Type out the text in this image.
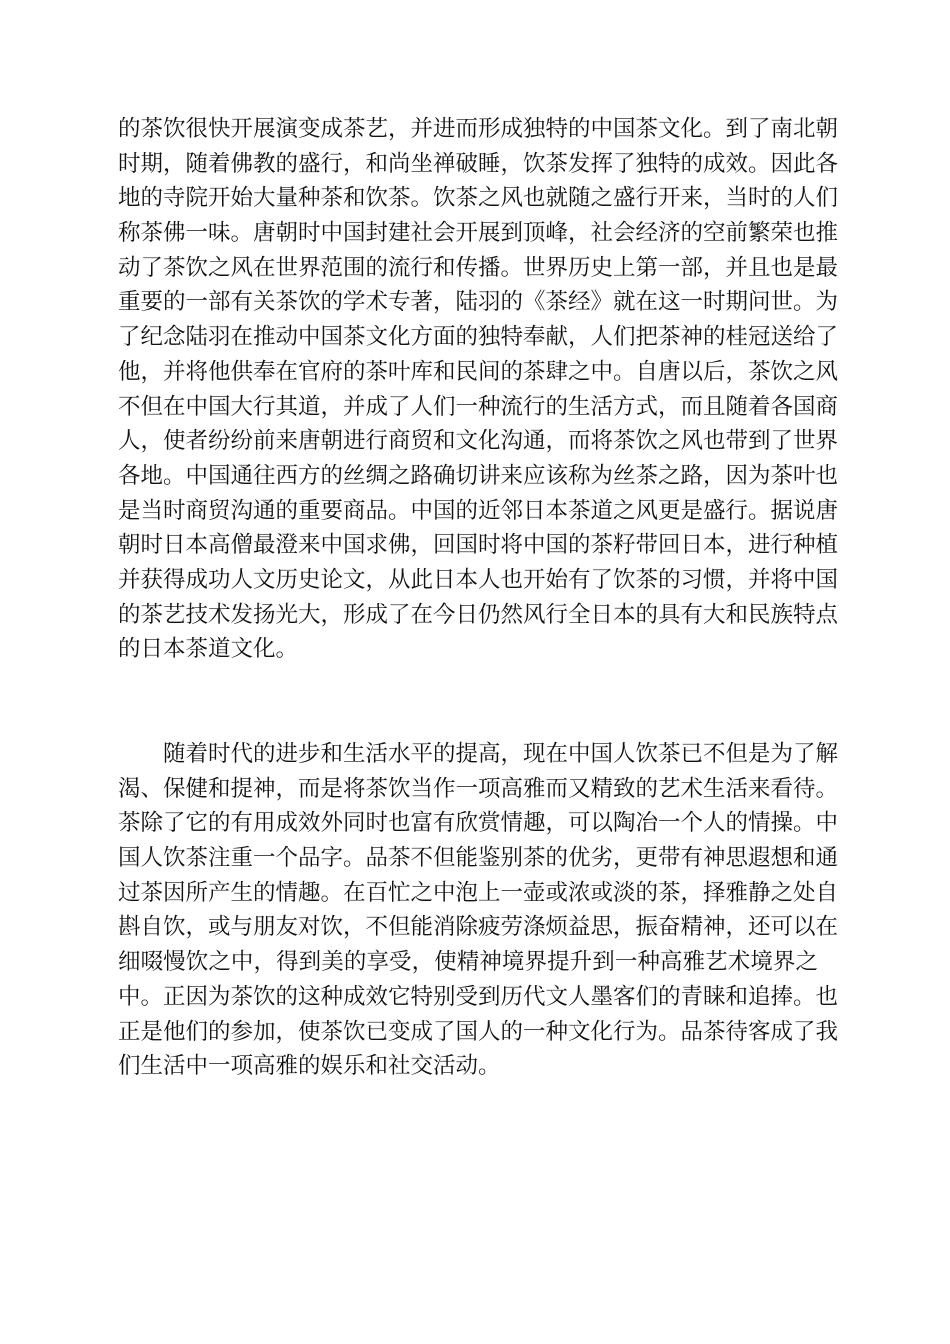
的茶饮很快开展演变成茶艺，并进而形成独特的中国茶文化。到了南北朝
时期，随着佛教的盛行，和尚坐禅破睡，饮茶发挥了独特的成效。因此各
地的寺院开始大量种茶和饮茶。饮茶之风也就随之盛行开来，当时的人们
称茶佛一味。唐朝时中国封建社会开展到顶峰，社会经济的空前繁荣也推
动了茶饮之风在世界范围的流行和传播。世界历史上第一部，并且也是最
重要的一部有关茶饮的学术专著，陆羽的《茶经》就在这一时期问世。为
了纪念陆羽在推动中国茶文化方面的独特奉献，人们把茶神的桂冠送给了
他，并将他供奉在官府的茶叶库和民间的茶肆之中。自唐以后，茶饮之风
不但在中国大行其道，并成了人们一种流行的生活方式，而且随着各国商
人，使者纷纷前来唐朝进行商贸和文化沟通，而将茶饮之风也带到了世界
各地。中国通往西方的丝绸之路确切讲来应该称为丝茶之路，因为茶叶也
是当时商贸沟通的重要商品。中国的近邻日本茶道之风更是盛行。据说唐
朝时日本高僧最澄来中国求佛，回国时将中国的茶籽带回日本，进行种植
并获得成功人文历史论文，从此日本人也开始有了饮茶的习惯，并将中国
的茶艺技术发扬光大，形成了在今日仍然风行全日本的具有大和民族特点
的日本茶道文化。
随着时代的进步和生活水平的提高，现在中国人饮茶已不但是为了解
渴、保健和提神，而是将茶饮当作一项高雅而又精致的艺术生活来看待。
茶除了它的有用成效外同时也富有欣赏情趣，可以陶冶一个人的情操。中
国人饮茶注重一个品字。品茶不但能鉴别茶的优劣，更带有神思遐想和通
过茶因所产生的情趣。在百忙之中泡上一壶或浓或淡的茶，择雅静之处自
斟自饮，或与朋友对饮，不但能消除疲劳涤烦益思，振奋精神，还可以在
细啜慢饮之中，得到美的享受，使精神境界提升到一种高雅艺术境界之
中。正因为茶饮的这种成效它特别受到历代文人墨客们的青睐和追捧。也
正是他们的参加，使茶饮已变成了国人的一种文化行为。品茶待客成了我
们生活中一项高雅的娱乐和社交活动。
